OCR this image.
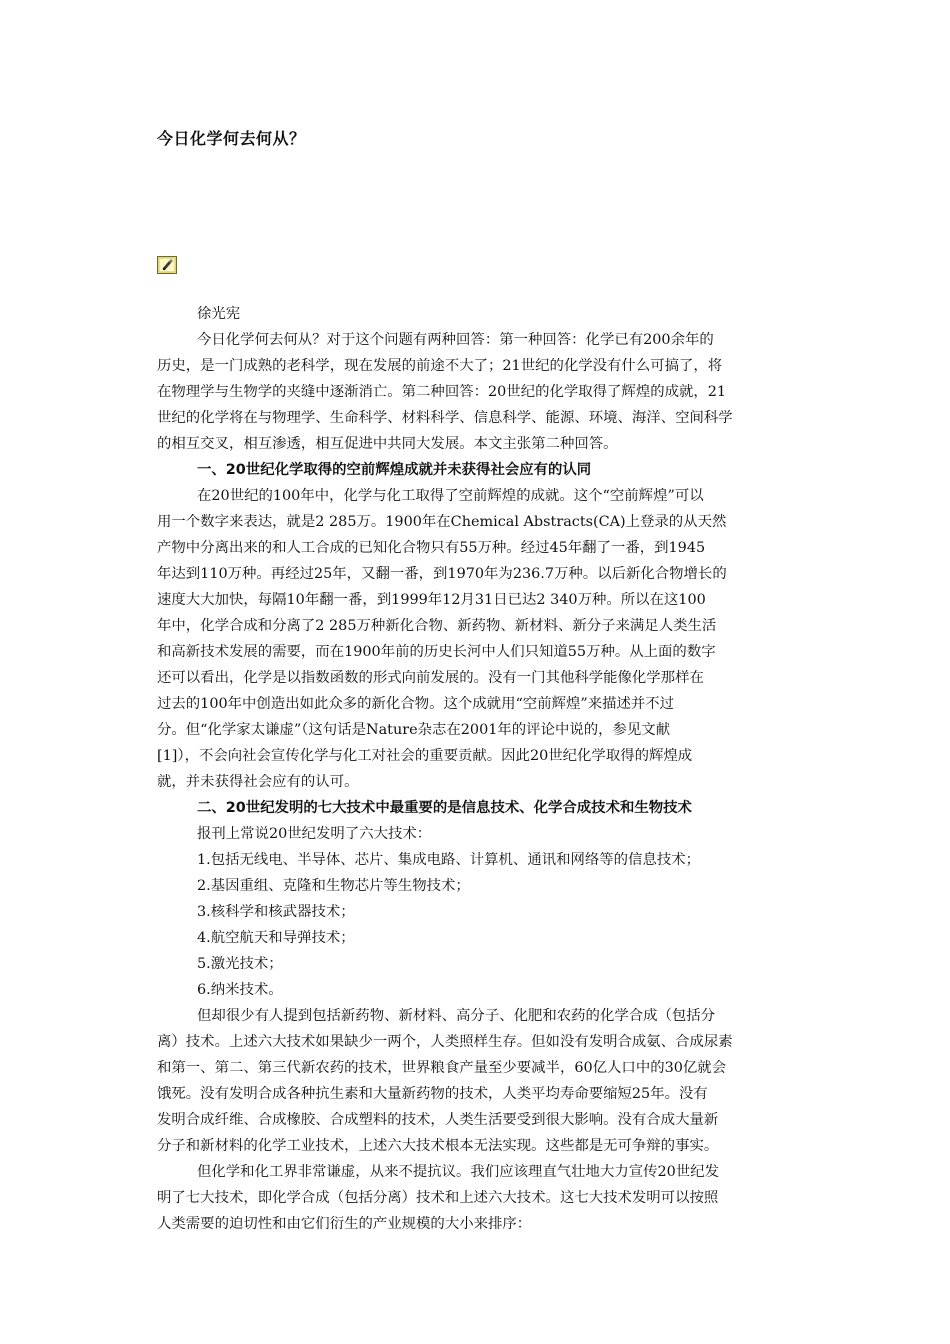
今日化学何去何从？
徐光宪
今日化学何去何从？对于这个问题有两种回答：第一种回答：化学已有200余年的
历史，是一门成熟的老科学，现在发展的前途不大了；21世纪的化学没有什么可搞了，将
在物理学与生物学的夹缝中逐渐消亡。第二种回答：20世纪的化学取得了辉煌的成就，21
世纪的化学将在与物理学、生命科学、材料科学、信息科学、能源、环境、海洋、空间科学
的相互交叉，相互渗透，相互促进中共同大发展。本文主张第二种回答。
一、20世纪化学取得的空前辉煌成就并未获得社会应有的认同
在20世纪的100年中，化学与化工取得了空前辉煌的成就。这个“空前辉煌”可以
用一个数字来表达，就是2 285万。1900年在Chemical Abstracts(CA)上登录的从天然
产物中分离出来的和人工合成的已知化合物只有55万种。经过45年翻了一番，到1945
年达到110万种。再经过25年，又翻一番，到1970年为236.7万种。以后新化合物增长的
速度大大加快，每隔10年翻一番，到1999年12月31日已达2 340万种。所以在这100
年中，化学合成和分离了2 285万种新化合物、新药物、新材料、新分子来满足人类生活
和高新技术发展的需要，而在1900年前的历史长河中人们只知道55万种。从上面的数字
还可以看出，化学是以指数函数的形式向前发展的。没有一门其他科学能像化学那样在
过去的100年中创造出如此众多的新化合物。这个成就用“空前辉煌”来描述并不过
分。但“化学家太谦虚”（这句话是Nature杂志在2001年的评论中说的，参见文献
[1]），不会向社会宣传化学与化工对社会的重要贡献。因此20世纪化学取得的辉煌成
就，并未获得社会应有的认可。
二、20世纪发明的七大技术中最重要的是信息技术、化学合成技术和生物技术
报刊上常说20世纪发明了六大技术：
1.包括无线电、半导体、芯片、集成电路、计算机、通讯和网络等的信息技术；
2.基因重组、克隆和生物芯片等生物技术；
3.核科学和核武器技术；
4.航空航天和导弹技术；
5.激光技术；
6.纳米技术。
但却很少有人提到包括新药物、新材料、高分子、化肥和农药的化学合成（包括分
离）技术。上述六大技术如果缺少一两个，人类照样生存。但如没有发明合成氨、合成尿素
和第一、第二、第三代新农药的技术，世界粮食产量至少要减半，60亿人口中的30亿就会
饿死。没有发明合成各种抗生素和大量新药物的技术，人类平均寿命要缩短25年。没有
发明合成纤维、合成橡胶、合成塑料的技术，人类生活要受到很大影响。没有合成大量新
分子和新材料的化学工业技术，上述六大技术根本无法实现。这些都是无可争辩的事实。
但化学和化工界非常谦虚，从来不提抗议。我们应该理直气壮地大力宣传20世纪发
明了七大技术，即化学合成（包括分离）技术和上述六大技术。这七大技术发明可以按照
人类需要的迫切性和由它们衍生的产业规模的大小来排序：
